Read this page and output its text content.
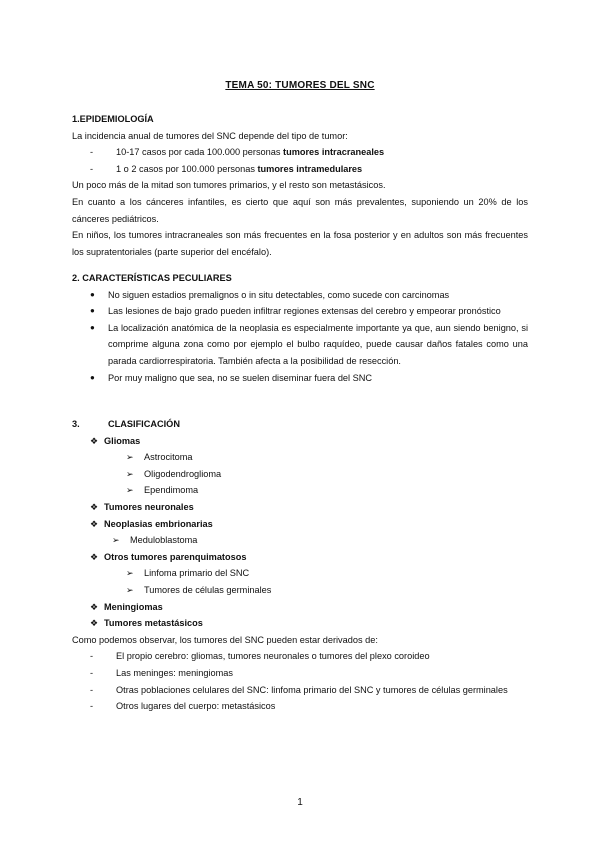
TEMA 50: TUMORES DEL SNC

1.EPIDEMIOLOGÍA

La incidencia anual de tumores del SNC depende del tipo de tumor:

- 10-17 casos por cada 100.000 personas tumores intracraneales
- 1 o 2 casos por 100.000 personas tumores intramedulares

Un poco más de la mitad son tumores primarios, y el resto son metastásicos.

En cuanto a los cánceres infantiles, es cierto que aquí son más prevalentes, suponiendo un 20% de los cánceres pediátricos.

En niños, los tumores intracraneales son más frecuentes en la fosa posterior y en adultos son más frecuentes los supratentoriales (parte superior del encéfalo).

2. CARACTERÍSTICAS PECULIARES

●	No siguen estadios premalignos o in situ detectables, como sucede con carcinomas
●	Las lesiones de bajo grado pueden infiltrar regiones extensas del cerebro y empeorar pronóstico
●	La localización anatómica de la neoplasia es especialmente importante ya que, aun siendo benigno, si comprime alguna zona como por ejemplo el bulbo raquídeo, puede causar daños fatales como una parada cardiorrespiratoria. También afecta a la posibilidad de resección.
●	Por muy maligno que sea, no se suelen diseminar fuera del SNC

3.	CLASIFICACIÓN

❖ Gliomas
➢ Astrocitoma
➢ Oligodendroglioma
➢ Ependimoma
❖ Tumores neuronales
❖ Neoplasias embrionarias
➢ Meduloblastoma
❖ Otros tumores parenquimatosos
➢ Linfoma primario del SNC
➢ Tumores de células germinales
❖ Meningiomas
❖ Tumores metastásicos

Como podemos observar, los tumores del SNC pueden estar derivados de:

- El propio cerebro: gliomas, tumores neuronales o tumores del plexo coroideo
- Las meninges: meningiomas
- Otras poblaciones celulares del SNC: linfoma primario del SNC y tumores de células germinales
- Otros lugares del cuerpo: metastásicos
1
